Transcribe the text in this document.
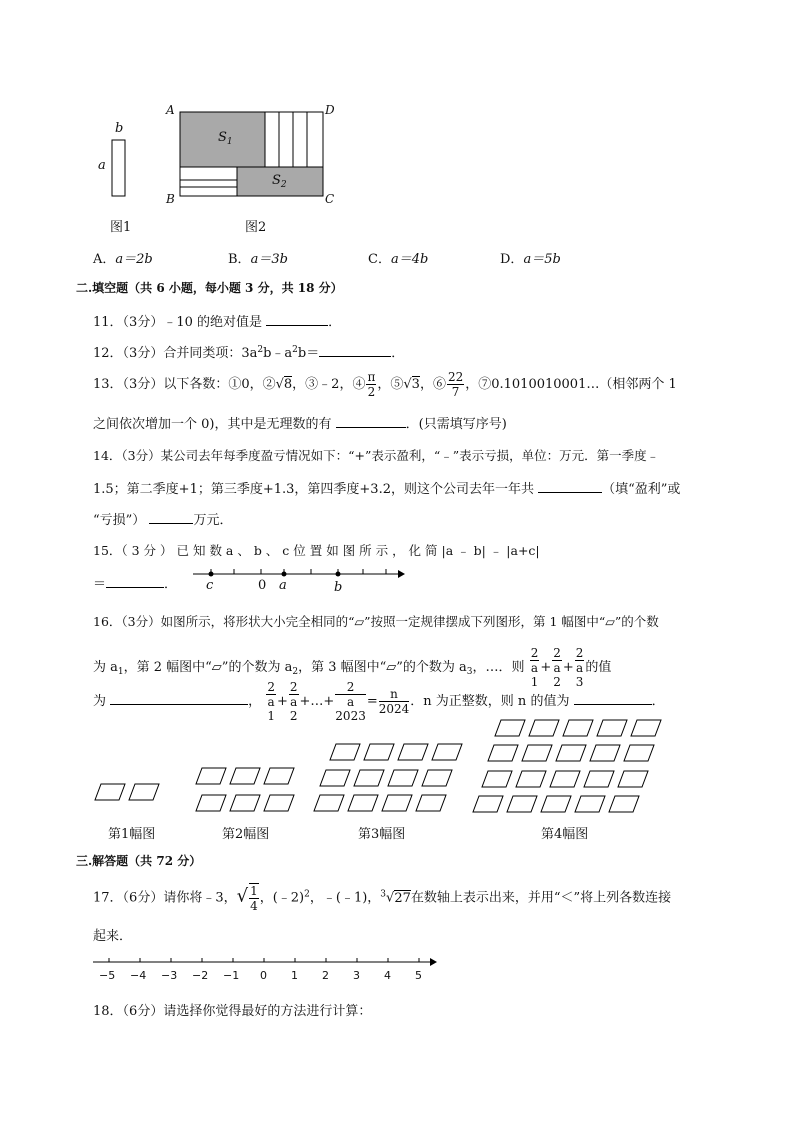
b
a
A	D
B	C
$S_1$
$S_2$
图1	图2
A．a＝2b	B．a＝3b	C．a＝4b	D．a＝5b
二.填空题（共 6 小题，每小题 3 分，共 18 分）
11．（3分）﹣10 的绝对值是	．
12．（3分）合并同类项：$3a^2b﹣a^2b=$	．
13．（3分）以下各数：①0，②√8，③﹣2，④ $\frac{\pi}{2}$ ，⑤√3，⑥ $\frac{22}{7}$ ，⑦0.1010010001…（相邻两个 1
之间依次增加一个 0)，其中是无理数的有	．(只需填写序号)
14．（3分）某公司去年每季度盈亏情况如下：“+”表示盈利，“﹣”表示亏损，单位：万元．第一季度﹣
1.5；第二季度+1；第三季度+1.3，第四季度+3.2，则这个公司去年一年共	（填“盈利”或
“亏损”）	万元．
15．（ 3 分 ） 已 知 数 a 、 b 、 c 位 置 如 图 所 示 ， 化 简 |a ﹣ b| ﹣ |a+c|
＝	． c	0 a	b
16．（3分）如图所示，将形状大小完全相同的“▱”按照一定规律摆成下列图形，第 1 幅图中“▱”的个数
为 $a_1$，第 2 幅图中“▱”的个数为 $a_2$，第 3 幅图中“▱”的个数为 $a_3$，…．则 2
a
1 + 2
a
2 + 2
a
3 的值
为	， 2
a
1 + 2
a
2 +…+ 2
a
$2023 = \frac{n}{2024}$ ．n 为正整数，则 n 的值为	．
第1幅图	第2幅图	第3幅图	第4幅图
三.解答题（共 72 分）
17．（6分）请你将﹣3，√ $\frac{1}{4}$ ，(﹣2)$^2$，﹣(﹣1)，$^3$√27在数轴上表示出来，并用“＜”将上列各数连接
起来．
−5 −4 −3 −2 −1 0 1 2 3 4 5
18．（6分）请选择你觉得最好的方法进行计算：
